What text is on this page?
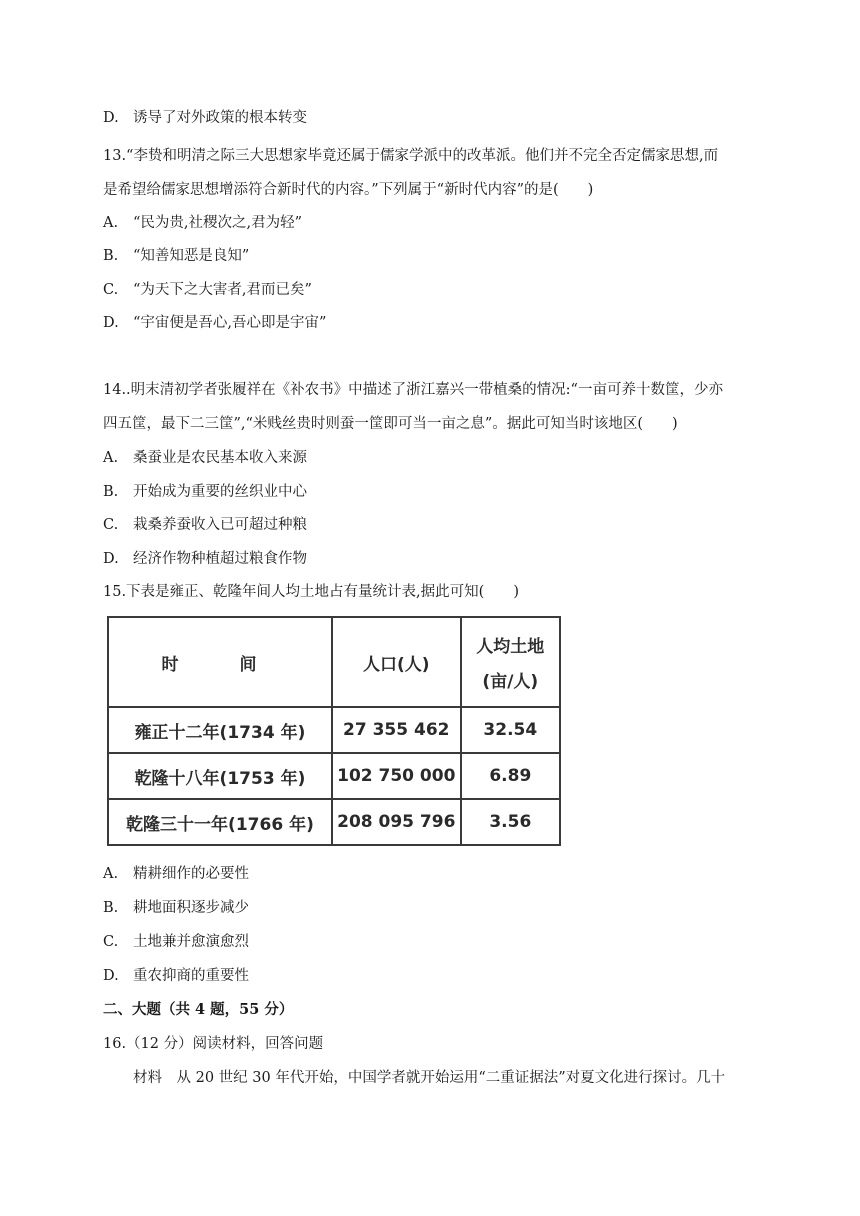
D. 诱导了对外政策的根本转变
13.“李贽和明清之际三大思想家毕竟还属于儒家学派中的改革派。他们并不完全否定儒家思想,而
是希望给儒家思想增添符合新时代的内容。”下列属于“新时代内容”的是(　　)
A. “民为贵,社稷次之,君为轻”
B. “知善知恶是良知”
C. “为天下之大害者,君而已矣”
D. “宇宙便是吾心,吾心即是宇宙”
14..明末清初学者张履祥在《补农书》中描述了浙江嘉兴一带植桑的情况:“一亩可养十数筐，少亦
四五筐，最下二三筐”,“米贱丝贵时则蚕一筐即可当一亩之息”。据此可知当时该地区(　　)
A. 桑蚕业是农民基本收入来源
B. 开始成为重要的丝织业中心
C. 栽桑养蚕收入已可超过种粮
D. 经济作物种植超过粮食作物
15.下表是雍正、乾隆年间人均土地占有量统计表,据此可知(　　)
时　间	人口(人)	人均土地
(亩/人)

雍正十二年(1734 年)	27 355 462	32.54
乾隆十八年(1753 年)	102 750 000	6.89
乾隆三十一年(1766 年)	208 095 796	3.56
A. 精耕细作的必要性
B. 耕地面积逐步减少
C. 土地兼并愈演愈烈
D. 重农抑商的重要性
二、大题（共 4 题，55 分）
16.（12 分）阅读材料，回答问题
材料　从 20 世纪 30 年代开始，中国学者就开始运用“二重证据法”对夏文化进行探讨。几十
